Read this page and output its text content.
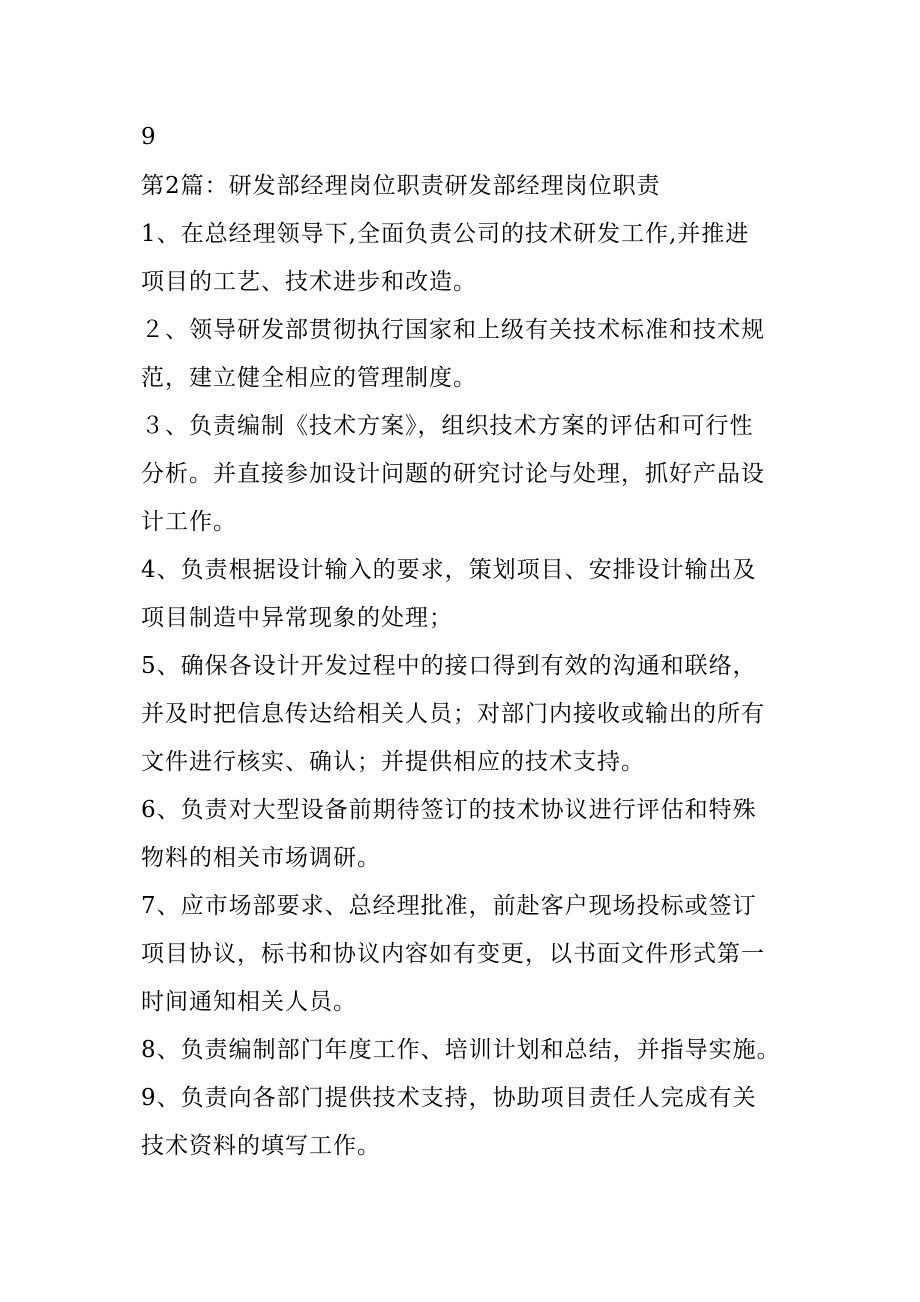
9
第2篇：研发部经理岗位职责研发部经理岗位职责
1、在总经理领导下,全面负责公司的技术研发工作,并推进
项目的工艺、技术进步和改造。
２、领导研发部贯彻执行国家和上级有关技术标准和技术规
范，建立健全相应的管理制度。
３、负责编制《技术方案》，组织技术方案的评估和可行性
分析。并直接参加设计问题的研究讨论与处理，抓好产品设
计工作。
4、负责根据设计输入的要求，策划项目、安排设计输出及
项目制造中异常现象的处理；
5、确保各设计开发过程中的接口得到有效的沟通和联络，
并及时把信息传达给相关人员；对部门内接收或输出的所有
文件进行核实、确认；并提供相应的技术支持。
6、负责对大型设备前期待签订的技术协议进行评估和特殊
物料的相关市场调研。
7、应市场部要求、总经理批准，前赴客户现场投标或签订
项目协议，标书和协议内容如有变更，以书面文件形式第一
时间通知相关人员。
8、负责编制部门年度工作、培训计划和总结，并指导实施。
9、负责向各部门提供技术支持，协助项目责任人完成有关
技术资料的填写工作。
